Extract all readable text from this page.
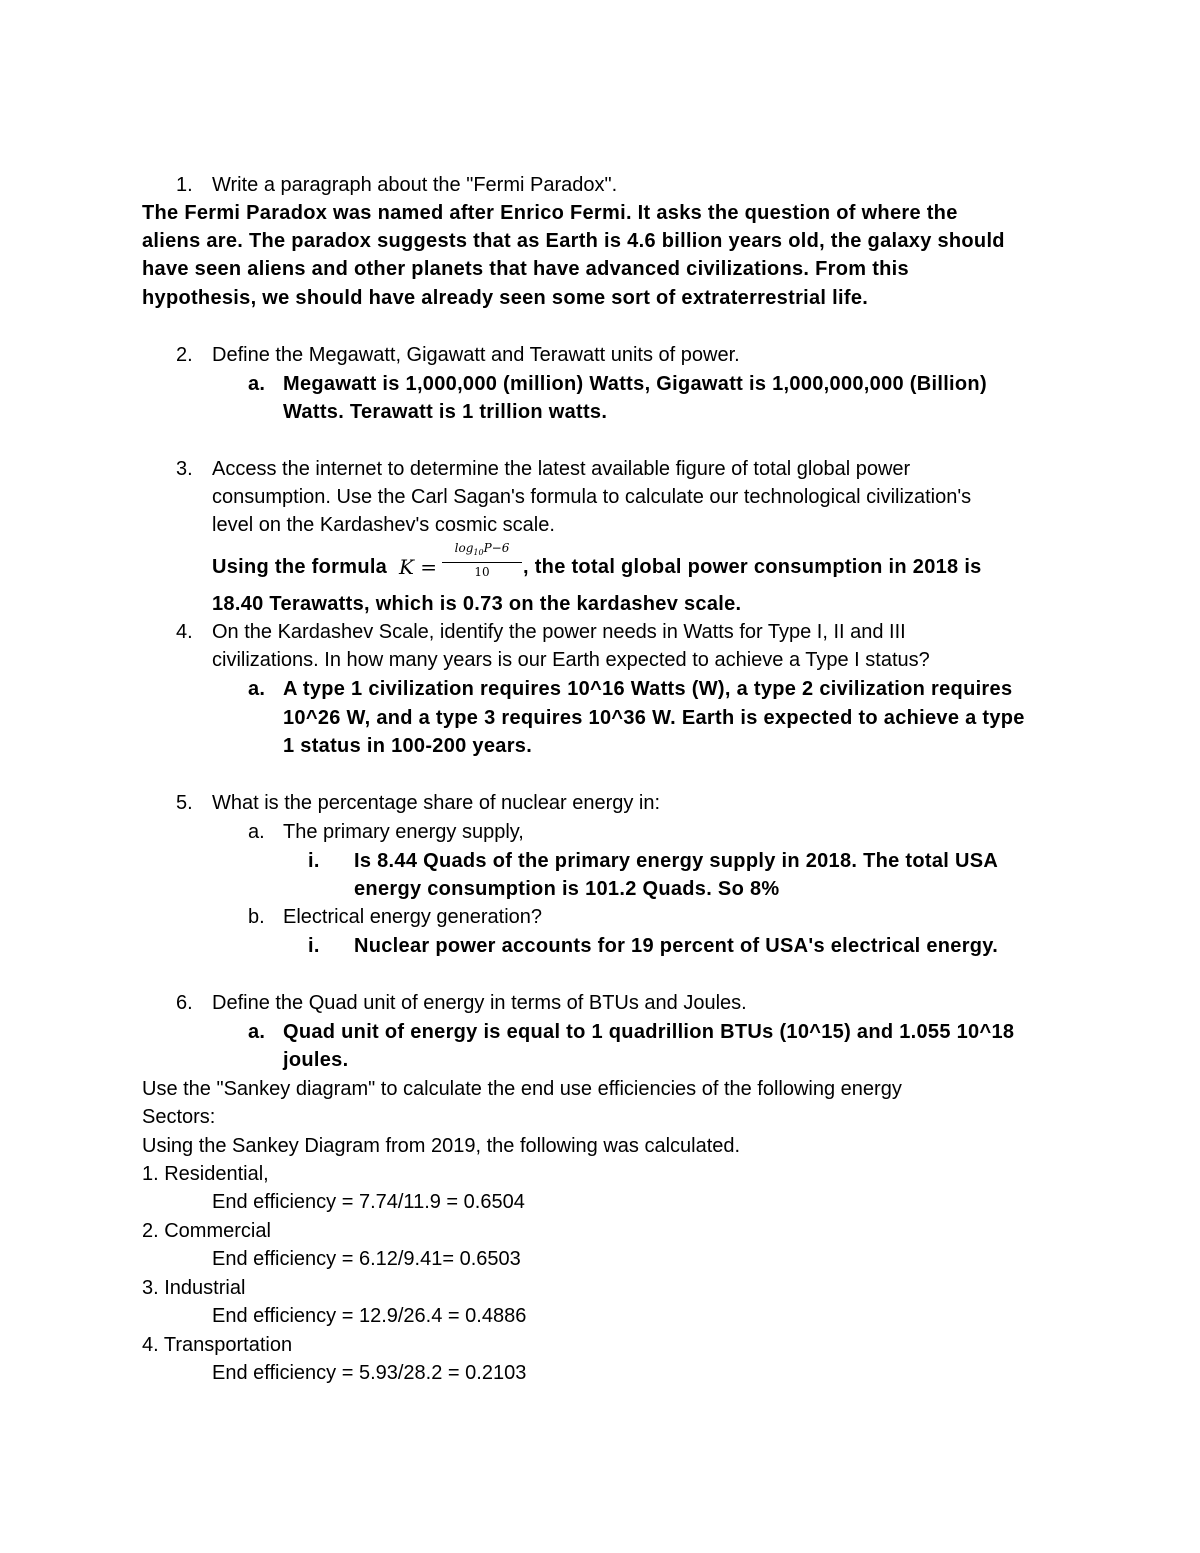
1. Write a paragraph about the "Fermi Paradox".
The Fermi Paradox was named after Enrico Fermi. It asks the question of where the
aliens are. The paradox suggests that as Earth is 4.6 billion years old, the galaxy should
have seen aliens and other planets that have advanced civilizations. From this
hypothesis, we should have already seen some sort of extraterrestrial life.
2. Define the Megawatt, Gigawatt and Terawatt units of power.
a. Megawatt is 1,000,000 (million) Watts, Gigawatt is 1,000,000,000 (Billion)
Watts. Terawatt is 1 trillion watts.
3. Access the internet to determine the latest available figure of total global power
consumption. Use the Carl Sagan's formula to calculate our technological civilization's
level on the Kardashev's cosmic scale.
Using the formula K =
$\log_{10}P-6$
10	, the total global power consumption in 2018 is
18.40 Terawatts, which is 0.73 on the kardashev scale.
4. On the Kardashev Scale, identify the power needs in Watts for Type I, II and III
civilizations. In how many years is our Earth expected to achieve a Type I status?
a. A type 1 civilization requires 10^16 Watts (W), a type 2 civilization requires
10^26 W, and a type 3 requires 10^36 W. Earth is expected to achieve a type
1 status in 100-200 years.
5. What is the percentage share of nuclear energy in:
a. The primary energy supply,
i. Is 8.44 Quads of the primary energy supply in 2018. The total USA
energy consumption is 101.2 Quads. So 8%
b. Electrical energy generation?
i. Nuclear power accounts for 19 percent of USA's electrical energy.
6. Define the Quad unit of energy in terms of BTUs and Joules.
a. Quad unit of energy is equal to 1 quadrillion BTUs (10^15) and 1.055 10^18
joules.
Use the "Sankey diagram" to calculate the end use efficiencies of the following energy
Sectors:
Using the Sankey Diagram from 2019, the following was calculated.
1. Residential,
End efficiency = 7.74/11.9 = 0.6504
2. Commercial
End efficiency = 6.12/9.41= 0.6503
3. Industrial
End efficiency = 12.9/26.4 = 0.4886
4. Transportation
End efficiency = 5.93/28.2 = 0.2103
